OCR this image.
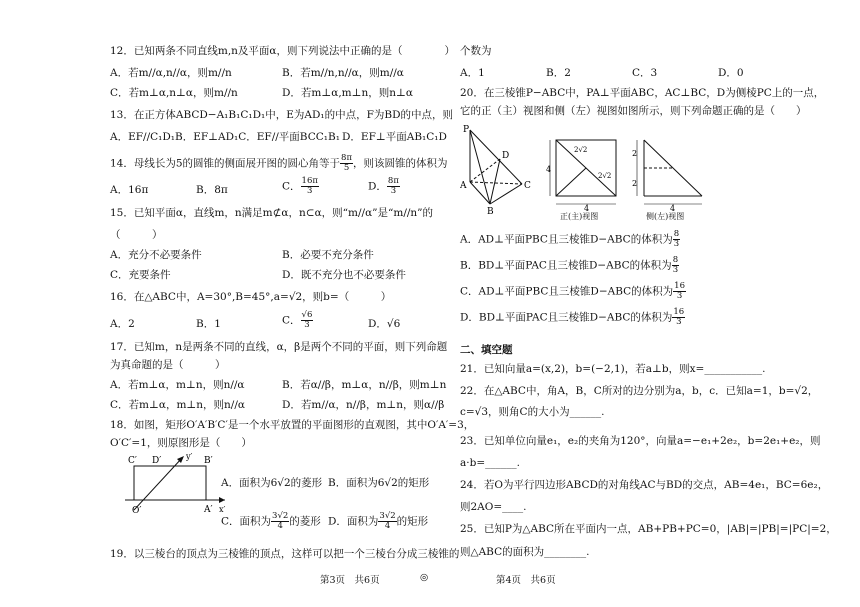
12．已知两条不同直线m,n及平面α，则下列说法中正确的是（　　　　）
A．若m//α,n//α，则m//n	B．若m//n,n//α，则m//α
C．若m⊥α,n⊥α，则m//n	D．若m⊥α,m⊥n，则n⊥α
13．在正方体ABCD−A₁B₁C₁D₁中，E为AD₁的中点，F为BD的中点，则
A．EF//C₁D₁B．EF⊥AD₁C．EF//平面BCC₁B₁ D．EF⊥平面AB₁C₁D
14．母线长为5的圆锥的侧面展开图的圆心角等于 $\frac{8\pi}{5}$ ，则该圆锥的体积为
A．16π	B．8π	C． $\frac{16\pi}{3}$	D． $\frac{8\pi}{3}$
15．已知平面α，直线m，n满足m⊄α，n⊂α，则“m//α”是“m//n”的
（　　　）
A．充分不必要条件	B．必要不充分条件
C．充要条件	D．既不充分也不必要条件
16．在△ABC中，A=30°,B=45°,a=√2，则b=（　　　）
A．2	B．1	C． $\frac{√6}{3}$	D．√6
17．已知m，n是两条不同的直线，α，β是两个不同的平面，则下列命题
为真命题的是（　　　）
A．若m⊥α，m⊥n，则n//α	B．若α//β，m⊥α，n//β，则m⊥n
C．若m⊥α，m⊥n，则n//α	D．若m//α，n//β，m⊥n，则α//β
18．如图，矩形O′A′B′C′是一个水平放置的平面图形的直观图，其中O′A′=3，
O′C′=1，则原图形是（　　）
C′ D′	y′ B′
O′	A′ x′
A．面积为6√2的菱形 B．面积为6√2的矩形
C．面积为 $\frac{3√2}{4}$ 的菱形 D．面积为 $\frac{3√2}{4}$ 的矩形
19．以三棱台的顶点为三棱锥的顶点，这样可以把一个三棱台分成三棱锥的
个数为
A．1	B．2	C．3	D．0
20．在三棱锥P−ABC中，PA⊥平面ABC，AC⊥BC，D为侧棱PC上的一点，
它的正（主）视图和侧（左）视图如图所示，则下列命题正确的是（　　）
P
D
A	C
B
4
4
2√2
2√2
正(主)视图
2
2
4
侧(左)视图
A．AD⊥平面PBC且三棱锥D−ABC的体积为 $\frac{8}{3}$
B．BD⊥平面PAC且三棱锥D−ABC的体积为 $\frac{8}{3}$
C．AD⊥平面PBC且三棱锥D−ABC的体积为 $\frac{16}{3}$
D．BD⊥平面PAC且三棱锥D−ABC的体积为 $\frac{16}{3}$
二、填空题
21．已知向量a=(x,2)，b=(−2,1)，若a⊥b，则x=___________.
22．在△ABC中，角A，B，C所对的边分别为a，b，c．已知a=1，b=√2，
c=√3，则角C的大小为______.
23．已知单位向量e₁，e₂的夹角为120°，向量a=−e₁+2e₂，b=2e₁+e₂，则
a·b=______.
24．若O为平行四边形ABCD的对角线AC与BD的交点，AB=4e₁，BC=6e₂，
则2AO=____.
25．已知P为△ABC所在平面内一点，AB+PB+PC=0，|AB|=|PB|=|PC|=2，
则△ABC的面积为________.
第3页　共6页	◎	第4页　共6页
